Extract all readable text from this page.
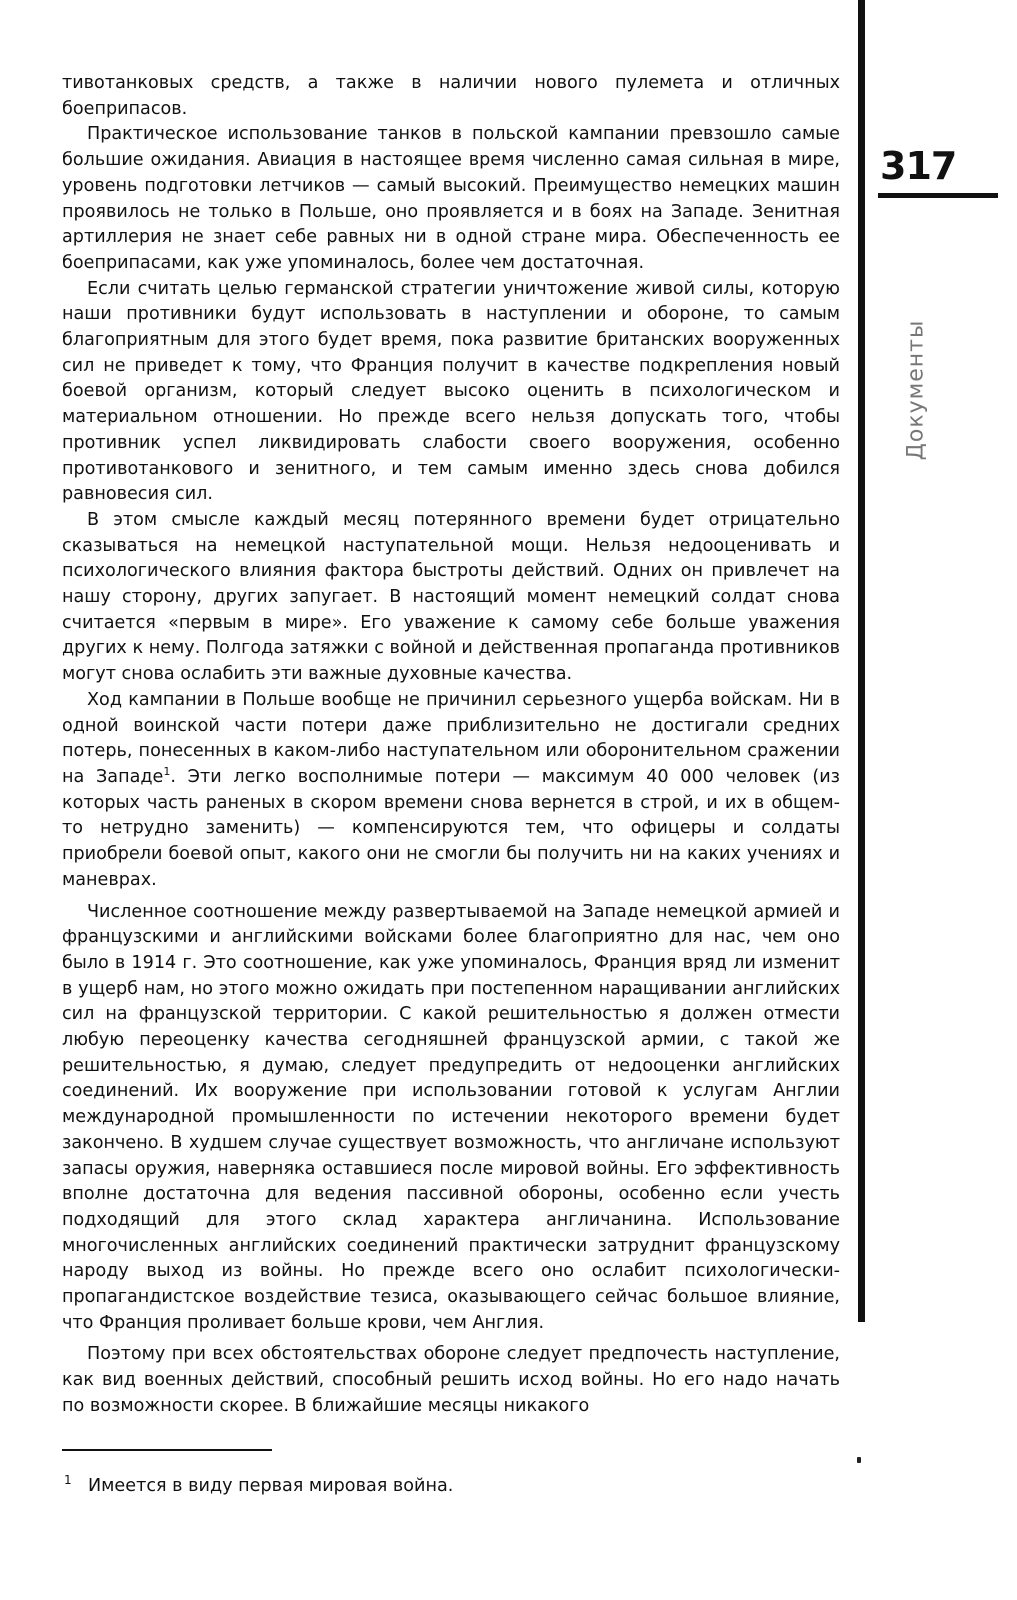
317
Документы

тивотанковых средств, а также в наличии нового пулемета и отличных боеприпасов.

Практическое использование танков в польской кампании превзошло самые большие ожидания. Авиация в настоящее время численно самая сильная в мире, уровень подготовки летчиков — самый высокий. Преимущество немецких машин проявилось не только в Польше, оно проявляется и в боях на Западе. Зенитная артиллерия не знает себе равных ни в одной стране мира. Обеспеченность ее боеприпасами, как уже упоминалось, более чем достаточная.

Если считать целью германской стратегии уничтожение живой силы, которую наши противники будут использовать в наступлении и обороне, то самым благоприятным для этого будет время, пока развитие британских вооруженных сил не приведет к тому, что Франция получит в качестве подкрепления новый боевой организм, который следует высоко оценить в психологическом и материальном отношении. Но прежде всего нельзя допускать того, чтобы противник успел ликвидировать слабости своего вооружения, особенно противотанкового и зенитного, и тем самым именно здесь снова добился равновесия сил.

В этом смысле каждый месяц потерянного времени будет отрицательно сказываться на немецкой наступательной мощи. Нельзя недооценивать и психологического влияния фактора быстроты действий. Одних он привлечет на нашу сторону, других запугает. В настоящий момент немецкий солдат снова считается «первым в мире». Его уважение к самому себе больше уважения других к нему. Полгода затяжки с войной и действенная пропаганда противников могут снова ослабить эти важные духовные качества.

Ход кампании в Польше вообще не причинил серьезного ущерба войскам. Ни в одной воинской части потери даже приблизительно не достигали средних потерь, понесенных в каком-либо наступательном или оборонительном сражении на Западе$^1$. Эти легко восполнимые потери — максимум 40 000 человек (из которых часть раненых в скором времени снова вернется в строй, и их в общем-то нетрудно заменить) — компенсируются тем, что офицеры и солдаты приобрели боевой опыт, какого они не смогли бы получить ни на каких учениях и маневрах.

Численное соотношение между развертываемой на Западе немецкой армией и французскими и английскими войсками более благоприятно для нас, чем оно было в 1914 г. Это соотношение, как уже упоминалось, Франция вряд ли изменит в ущерб нам, но этого можно ожидать при постепенном наращивании английских сил на французской территории. С какой решительностью я должен отмести любую переоценку качества сегодняшней французской армии, с такой же решительностью, я думаю, следует предупредить от недооценки английских соединений. Их вооружение при использовании готовой к услугам Англии международной промышленности по истечении некоторого времени будет закончено. В худшем случае существует возможность, что англичане используют запасы оружия, наверняка оставшиеся после мировой войны. Его эффективность вполне достаточна для ведения пассивной обороны, особенно если учесть подходящий для этого склад характера англичанина. Использование многочисленных английских соединений практически затруднит французскому народу выход из войны. Но прежде всего оно ослабит психологически-пропагандистское воздействие тезиса, оказывающего сейчас большое влияние, что Франция проливает больше крови, чем Англия.

Поэтому при всех обстоятельствах обороне следует предпочесть наступление, как вид военных действий, способный решить исход войны. Но его надо начать по возможности скорее. В ближайшие месяцы никакого

1 Имеется в виду первая мировая война.
